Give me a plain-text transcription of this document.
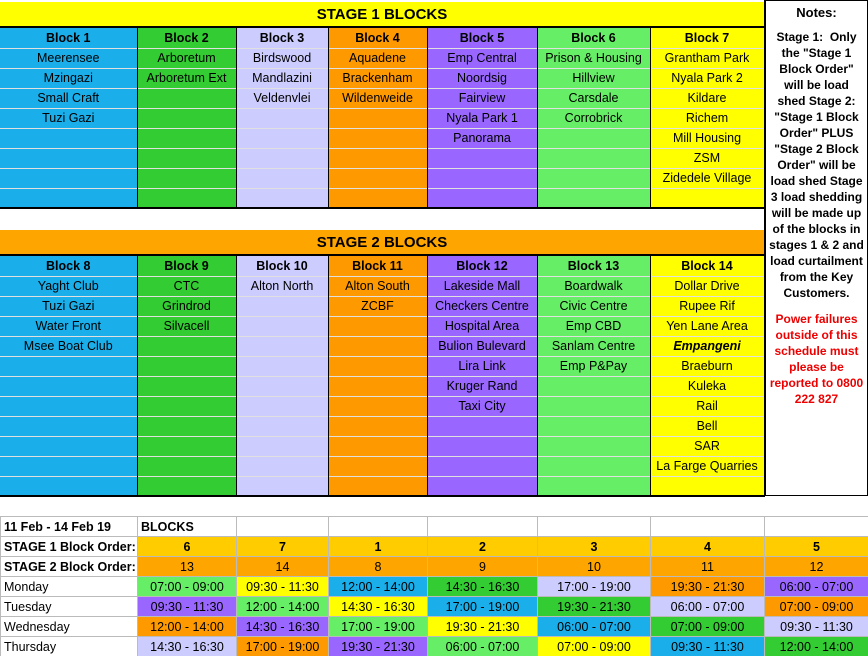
STAGE 1 BLOCKS
Block 1	Block 2	Block 3	Block 4	Block 5	Block 6	Block 7
Meerensee	Arboretum	Birdswood	Aquadene	Emp Central	Prison & Housing	Grantham Park
Mzingazi	Arboretum Ext	Mandlazini	Brackenham	Noordsig	Hillview	Nyala Park 2
Small Craft		Veldenvlei	Wildenweide	Fairview	Carsdale	Kildare
Tuzi Gazi				Nyala Park 1	Corrobrick	Richem
				Panorama		Mill Housing
						ZSM
						Zidedele Village

STAGE 2 BLOCKS
Block 8	Block 9	Block 10	Block 11	Block 12	Block 13	Block 14
Yaght Club	CTC	Alton North	Alton South	Lakeside Mall	Boardwalk	Dollar Drive
Tuzi Gazi	Grindrod		ZCBF	Checkers Centre	Civic Centre	Rupee Rif
Water Front	Silvacell			Hospital Area	Emp CBD	Yen Lane Area
Msee Boat Club				Bulion Bulevard	Sanlam Centre	Empangeni
				Lira Link	Emp P&Pay	Braeburn
				Kruger Rand		Kuleka
				Taxi City		Rail
						Bell
						SAR
						La Farge Quarries

Notes:
Stage 1:  Only the "Stage 1 Block Order" will be load shed Stage 2:  "Stage 1 Block Order" PLUS "Stage 2 Block Order" will be load shed Stage 3 load shedding will be made up of the blocks in stages 1 & 2 and load curtailment from the Key Customers.
Power failures outside of this schedule must please be reported to 0800 222 827
11 Feb - 14 Feb 19	BLOCKS						
STAGE 1 Block Order:	6	7	1	2	3	4	5
STAGE 2 Block Order:	13	14	8	9	10	11	12
Monday	07:00 - 09:00	09:30 - 11:30	12:00 - 14:00	14:30 - 16:30	17:00 - 19:00	19:30 - 21:30	06:00 - 07:00
Tuesday	09:30 - 11:30	12:00 - 14:00	14:30 - 16:30	17:00 - 19:00	19:30 - 21:30	06:00 - 07:00	07:00 - 09:00
Wednesday	12:00 - 14:00	14:30 - 16:30	17:00 - 19:00	19:30 - 21:30	06:00 - 07:00	07:00 - 09:00	09:30 - 11:30
Thursday	14:30 - 16:30	17:00 - 19:00	19:30 - 21:30	06:00 - 07:00	07:00 - 09:00	09:30 - 11:30	12:00 - 14:00
